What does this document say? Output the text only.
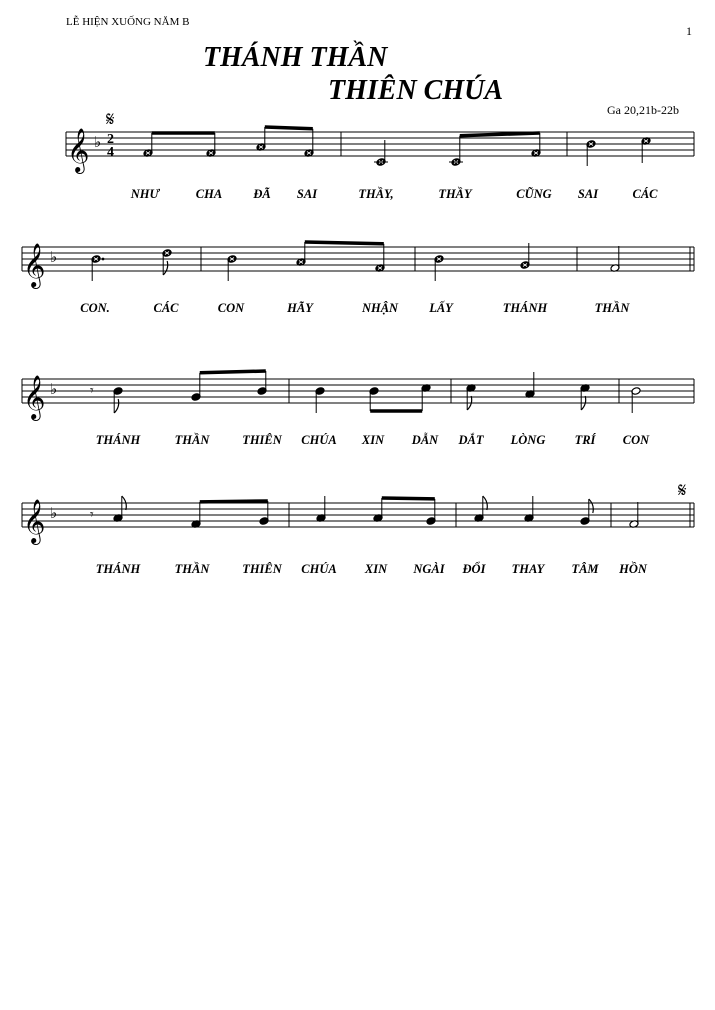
LỄ HIỆN XUỐNG NĂM B
1
THÁNH THẦN
THIÊN CHÚA
Ga 20,21b-22b
𝄞 ♭ 2
4
𝄋
NHƯ	CHA ĐÃ SAI	THẦY,	THẦY	CŨNG SAI	CÁC
𝄞 ♭
CON.	CÁC	CON	HÃY	NHẬN LẤY	THÁNH	THẦN
𝄞 ♭ 𝄾
THÁNH	THẦN	THIÊN CHÚA XIN DẪN DẮT LÒNG TRÍ CON
𝄞 ♭
𝄋
𝄾
THÁNH	THẦN	THIÊN CHÚA XIN NGÀI ĐỔI THAY TÂM HỒN
